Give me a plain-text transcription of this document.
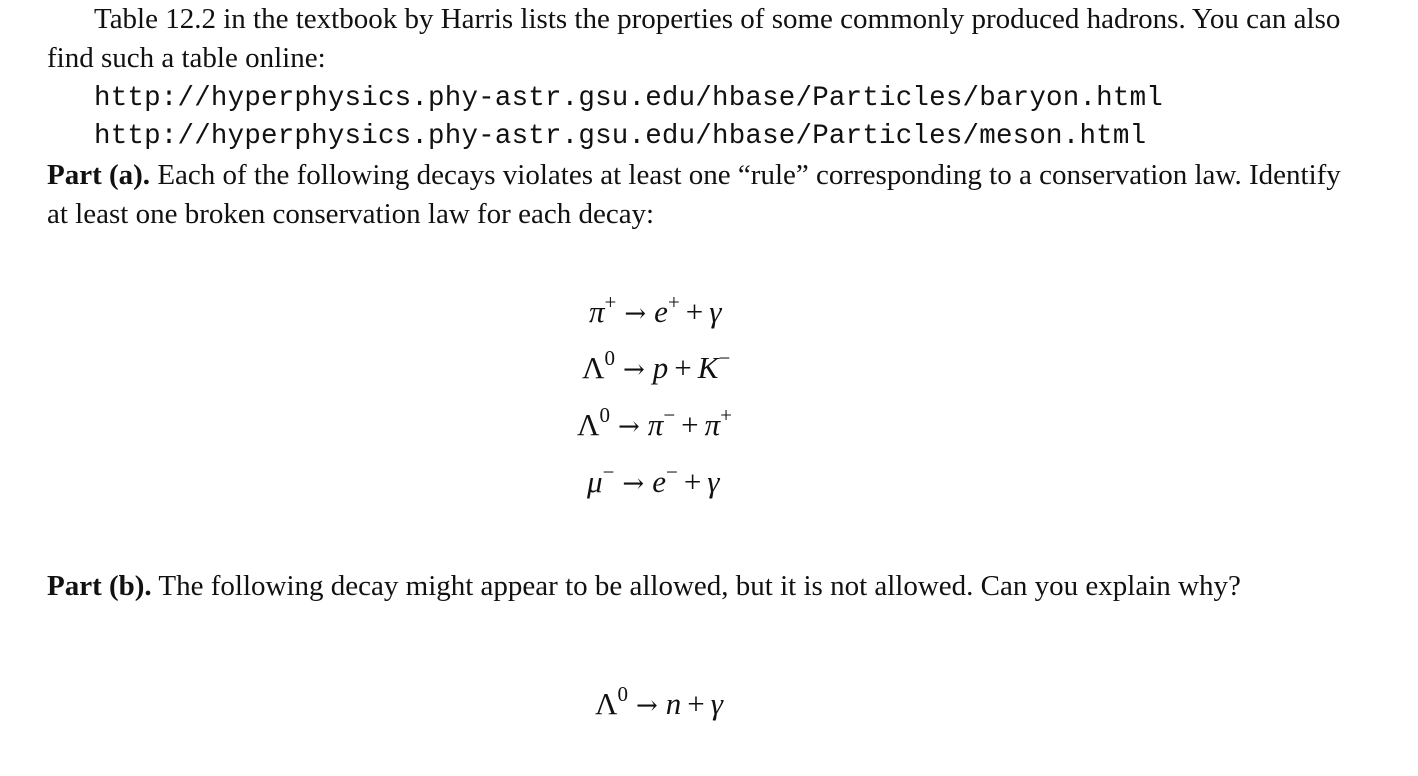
Table 12.2 in the textbook by Harris lists the properties of some commonly produced hadrons. You can also find such a table online:

http://hyperphysics.phy-astr.gsu.edu/hbase/Particles/baryon.html
http://hyperphysics.phy-astr.gsu.edu/hbase/Particles/meson.html

Part (a). Each of the following decays violates at least one “rule” corresponding to a conservation law. Identify at least one broken conservation law for each decay:

π+ → e+ + γ
$\Lambda^0 \to p + K^-$
$\Lambda^0 \to \pi^- + \pi^+$
μ− → e− + γ

Part (b). The following decay might appear to be allowed, but it is not allowed. Can you explain why?

$\Lambda^0 \to n + \gamma$
